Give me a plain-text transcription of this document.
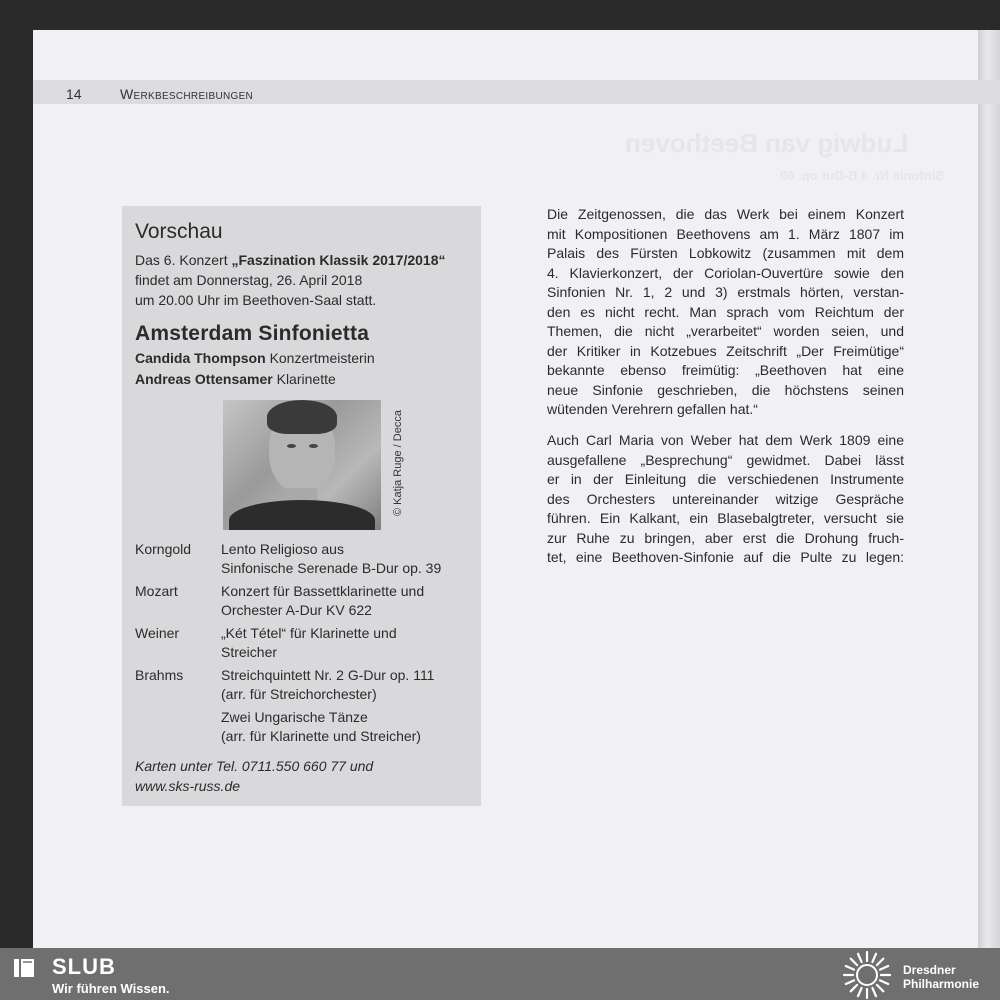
14	Werkbeschreibungen
Ludwig van Beethoven
Sinfonie Nr. 4 B-Dur op. 60
Vorschau
Das 6. Konzert „Faszination Klassik 2017/2018“
findet am Donnerstag, 26. April 2018
um 20.00 Uhr im Beethoven-Saal statt.
Amsterdam Sinfonietta
Candida Thompson Konzertmeisterin
Andreas Ottensamer Klarinette
© Katja Ruge / Decca
Korngold	Lento Religioso aus
Sinfonische Serenade B-Dur op. 39
Mozart	Konzert für Bassettklarinette und
Orchester A-Dur KV 622
Weiner	„Két Tétel“ für Klarinette und
Streicher
Brahms	Streichquintett Nr. 2 G-Dur op. 111
(arr. für Streichorchester)
Zwei Ungarische Tänze
(arr. für Klarinette und Streicher)
Karten unter Tel. 0711.550 660 77 und
www.sks-russ.de
Die Zeitgenossen, die das Werk bei einem Konzert
mit Kompositionen Beethovens am 1. März 1807 im
Palais des Fürsten Lobkowitz (zusammen mit dem
4. Klavierkonzert, der Coriolan-Ouvertüre sowie den
Sinfonien Nr. 1, 2 und 3) erstmals hörten, verstan-
den es nicht recht. Man sprach vom Reichtum der
Themen, die nicht „verarbeitet“ worden seien, und
der Kritiker in Kotzebues Zeitschrift „Der Freimütige“
bekannte ebenso freimütig: „Beethoven hat eine
neue Sinfonie geschrieben, die höchstens seinen
wütenden Verehrern gefallen hat.“
Auch Carl Maria von Weber hat dem Werk 1809 eine
ausgefallene „Besprechung“ gewidmet. Dabei lässt
er in der Einleitung die verschiedenen Instrumente
des Orchesters untereinander witzige Gespräche
führen. Ein Kalkant, ein Blasebalgtreter, versucht sie
zur Ruhe zu bringen, aber erst die Drohung fruch-
tet, eine Beethoven-Sinfonie auf die Pulte zu legen:
SLUB
Wir führen Wissen.
Dresdner
Philharmonie
